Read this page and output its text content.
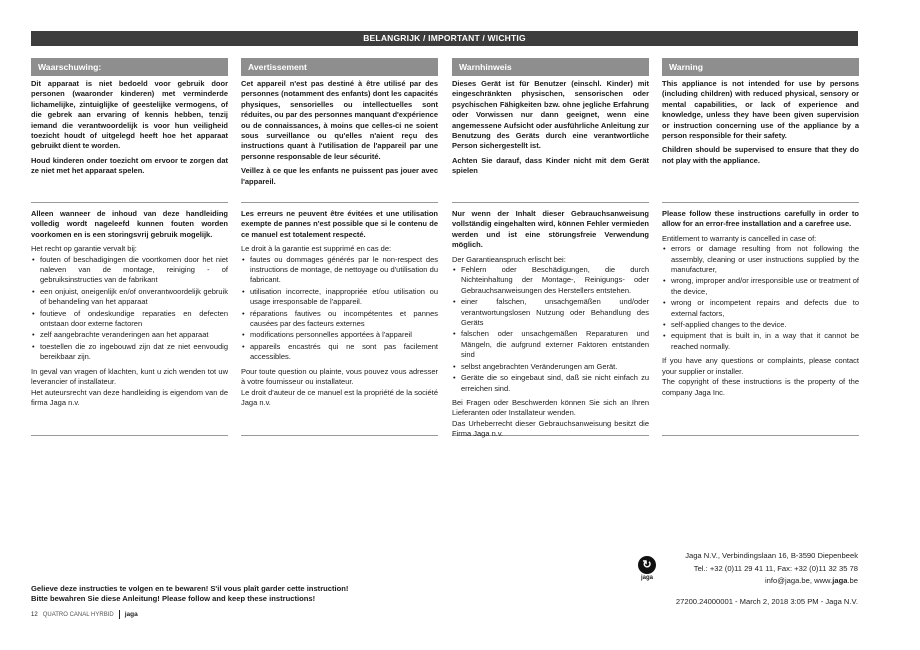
BELANGRIJK / IMPORTANT / WICHTIG
Waarschuwing:

Dit apparaat is niet bedoeld voor gebruik door personen (waaronder kinderen) met verminderde lichamelijke, zintuiglijke of geestelijke vermogens, of die gebrek aan ervaring of kennis hebben, tenzij iemand die verantwoordelijk is voor hun veiligheid toezicht houdt of uitgelegd heeft hoe het apparaat gebruikt dient te worden.

Houd kinderen onder toezicht om ervoor te zorgen dat ze niet met het apparaat spelen.

Alleen wanneer de inhoud van deze handleiding volledig wordt nageleefd kunnen fouten worden voorkomen en is een storingsvrij gebruik mogelijk.

Het recht op garantie vervalt bij:

• fouten of beschadigingen die voortkomen door het niet naleven van de montage, reiniging - of gebruiksinstructies van de fabrikant
• een onjuist, oneigenlijk en/of onverantwoordelijk gebruik of behandeling van het apparaat
• foutieve of ondeskundige reparaties en defecten ontstaan door externe factoren
• zelf aangebrachte veranderingen aan het apparaat
• toestellen die zo ingebouwd zijn dat ze niet eenvoudig bereikbaar zijn.

In geval van vragen of klachten, kunt u zich wenden tot uw leverancier of installateur.

Het auteursrecht van deze handleiding is eigendom van de firma Jaga n.v.

Avertissement

Cet appareil n'est pas destiné à être utilisé par des personnes (notamment des enfants) dont les capacités physiques, sensorielles ou intellectuelles sont réduites, ou par des personnes manquant d'expérience ou de connaissances, à moins que celles-ci ne soient sous surveillance ou qu'elles n'aient reçu des instructions quant à l'utilisation de l'appareil par une personne responsable de leur sécurité.

Veillez à ce que les enfants ne puissent pas jouer avec l'appareil.

Les erreurs ne peuvent être évitées et une utilisation exempte de pannes n'est possible que si le contenu de ce manuel est totalement respecté.

Le droit à la garantie est supprimé en cas de:

• fautes ou dommages générés par le non-respect des instructions de montage, de nettoyage ou d'utilisation du fabricant.
• utilisation incorrecte, inappropriée et/ou utilisation ou usage irresponsable de l'appareil.
• réparations fautives ou incompétentes et pannes causées par des facteurs externes
• modifications personnelles apportées à l'appareil
• appareils encastrés qui ne sont pas facilement accessibles.

Pour toute question ou plainte, vous pouvez vous adresser à votre fournisseur ou installateur.

Le droit d'auteur de ce manuel est la propriété de la société Jaga n.v.

Warnhinweis

Dieses Gerät ist für Benutzer (einschl. Kinder) mit eingeschränkten physischen, sensorischen oder psychischen Fähigkeiten bzw. ohne jegliche Erfahrung oder Vorwissen nur dann geeignet, wenn eine angemessene Aufsicht oder ausführliche Anleitung zur Benutzung des Geräts durch eine verantwortliche Person sichergestellt ist.

Achten Sie darauf, dass Kinder nicht mit dem Gerät spielen

Nur wenn der Inhalt dieser Gebrauchsanweisung vollständig eingehalten wird, können Fehler vermieden werden und ist eine störungsfreie Verwendung möglich.

Der Garantieanspruch erlischt bei:

• Fehlern oder Beschädigungen, die durch Nichteinhaltung der Montage-, Reinigungs- oder Gebrauchsanweisungen des Herstellers entstehen.
• einer falschen, unsachgemäßen und/oder verantwortungslosen Nutzung oder Behandlung des Geräts
• falschen oder unsachgemäßen Reparaturen und Mängeln, die aufgrund externer Faktoren entstanden sind
• selbst angebrachten Veränderungen am Gerät.
• Geräte die so eingebaut sind, daß sie nicht einfach zu erreichen sind.

Bei Fragen oder Beschwerden können Sie sich an Ihren Lieferanten oder Installateur wenden.

Das Urheberrecht dieser Gebrauchsanweisung besitzt die Firma Jaga n.v.

Warning

This appliance is not intended for use by persons (including children) with reduced physical, sensory or mental capabilities, or lack of experience and knowledge, unless they have been given supervision or instruction concerning use of the appliance by a person responsible for their safety.

Children should be supervised to ensure that they do not play with the appliance.

Please follow these instructions carefully in order to allow for an error-free installation and a carefree use.

Entitlement to warranty is cancelled in case of:

• errors or damage resulting from not following the assembly, cleaning or user instructions supplied by the manufacturer,
• wrong, improper and/or irresponsible use or treatment of the device,
• wrong or incompetent repairs and defects due to external factors,
• self-applied changes to the device.
• equipment that is built in, in a way that it cannot be reached normally.

If you have any questions or complaints, please contact your supplier or installer.

The copyright of these instructions is the property of the company Jaga Inc.

Gelieve deze instructies te volgen en te bewaren! S'il vous plaît garder cette instruction!
Bitte bewahren Sie diese Anleitung! Please follow and keep these instructions!
12 QUATRO CANAL HYRBID jaga
↻
jaga
Jaga N.V., Verbindingslaan 16, B-3590 Diepenbeek
Tel.: +32 (0)11 29 41 11, Fax: +32 (0)11 32 35 78
info@jaga.be, www.jaga.be
27200.24000001 - March 2, 2018 3:05 PM - Jaga N.V.
